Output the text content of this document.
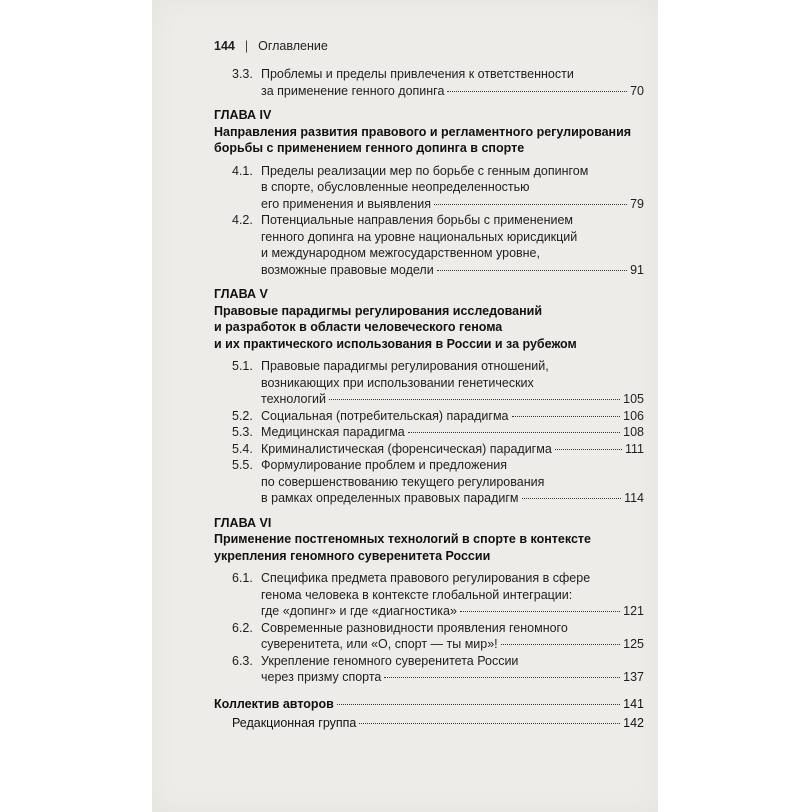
144 | Оглавление
3.3. Проблемы и пределы привлечения к ответственности
за применение генного допинга	70
ГЛАВА IV
Направления развития правового и регламентного регулирования
борьбы с применением генного допинга в спорте
4.1. Пределы реализации мер по борьбе с генным допингом
в спорте, обусловленные неопределенностью
его применения и выявления	79
4.2. Потенциальные направления борьбы с применением
генного допинга на уровне национальных юрисдикций
и международном межгосударственном уровне,
возможные правовые модели	91
ГЛАВА V
Правовые парадигмы регулирования исследований
и разработок в области человеческого генома
и их практического использования в России и за рубежом
5.1. Правовые парадигмы регулирования отношений,
возникающих при использовании генетических
технологий	105
5.2. Социальная (потребительская) парадигма	106
5.3. Медицинская парадигма	108
5.4. Криминалистическая (форенсическая) парадигма	111
5.5. Формулирование проблем и предложения
по совершенствованию текущего регулирования
в рамках определенных правовых парадигм	114
ГЛАВА VI
Применение постгеномных технологий в спорте в контексте
укрепления геномного суверенитета России
6.1. Специфика предмета правового регулирования в сфере
генома человека в контексте глобальной интеграции:
где «допинг» и где «диагностика»	121
6.2. Современные разновидности проявления геномного
суверенитета, или «О, спорт — ты мир»!	125
6.3. Укрепление геномного суверенитета России
через призму спорта	137
Коллектив авторов	141
Редакционная группа	142
